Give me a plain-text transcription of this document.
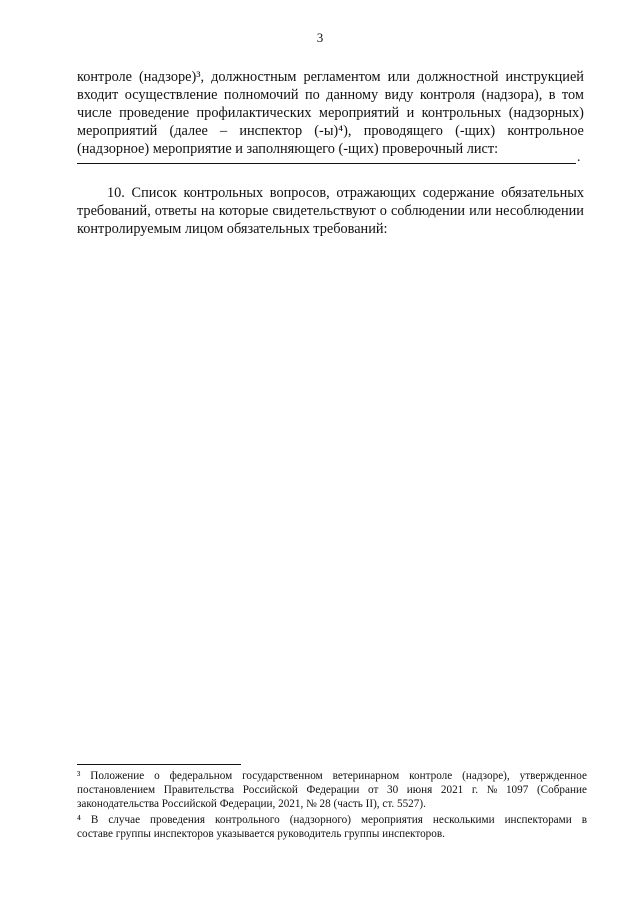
3
контроле (надзоре)³, должностным регламентом или должностной инструкцией
входит осуществление полномочий по данному виду контроля (надзора), в том
числе проведение профилактических мероприятий и контрольных (надзорных)
мероприятий (далее – инспектор (-ы)⁴), проводящего (-щих) контрольное
(надзорное) мероприятие и заполняющего (-щих) проверочный лист:
.
10. Список контрольных вопросов, отражающих содержание обязательных
требований, ответы на которые свидетельствуют о соблюдении или несоблюдении
контролируемым лицом обязательных требований:
³ Положение о федеральном государственном ветеринарном контроле (надзоре), утвержденное
постановлением Правительства Российской Федерации от 30 июня 2021 г. № 1097 (Собрание
законодательства Российской Федерации, 2021, № 28 (часть II), ст. 5527).
⁴ В случае проведения контрольного (надзорного) мероприятия несколькими инспекторами в
составе группы инспекторов указывается руководитель группы инспекторов.
